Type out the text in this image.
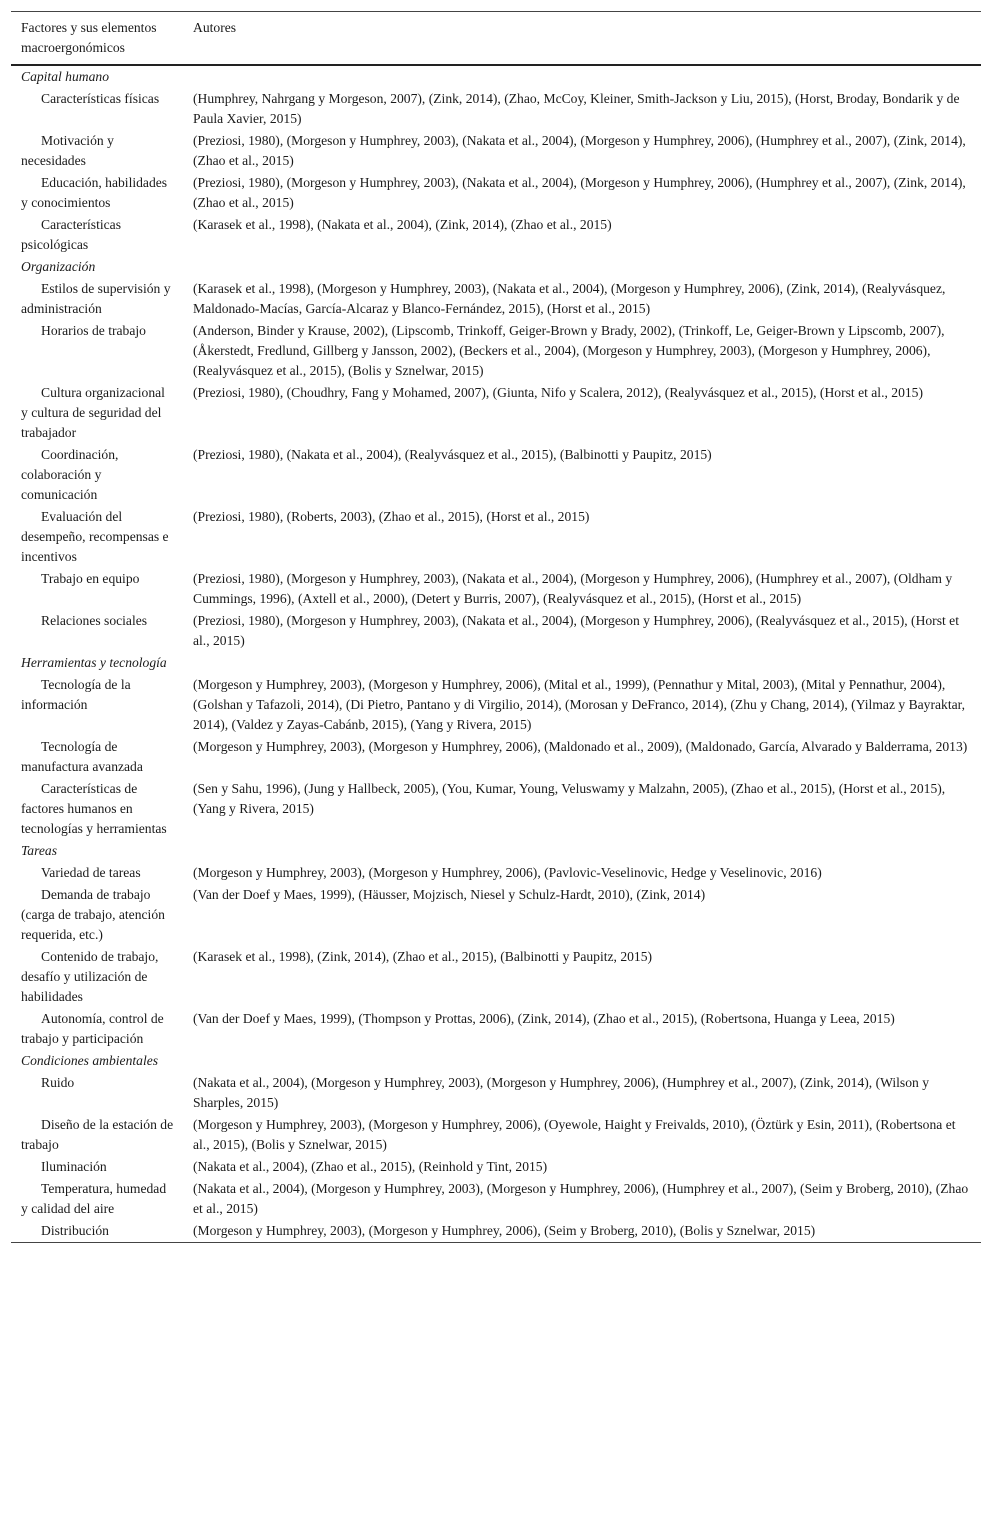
Factores y sus elementos macroergonómicos	Autores
Capital humano	
Características físicas	(Humphrey, Nahrgang y Morgeson, 2007), (Zink, 2014), (Zhao, McCoy, Kleiner, Smith-Jackson y Liu, 2015), (Horst, Broday, Bondarik y de Paula Xavier, 2015)
Motivación y necesidades	(Preziosi, 1980), (Morgeson y Humphrey, 2003), (Nakata et al., 2004), (Morgeson y Humphrey, 2006), (Humphrey et al., 2007), (Zink, 2014), (Zhao et al., 2015)
Educación, habilidades y conocimientos	(Preziosi, 1980), (Morgeson y Humphrey, 2003), (Nakata et al., 2004), (Morgeson y Humphrey, 2006), (Humphrey et al., 2007), (Zink, 2014), (Zhao et al., 2015)
Características psicológicas	(Karasek et al., 1998), (Nakata et al., 2004), (Zink, 2014), (Zhao et al., 2015)
Organización	
Estilos de supervisión y administración	(Karasek et al., 1998), (Morgeson y Humphrey, 2003), (Nakata et al., 2004), (Morgeson y Humphrey, 2006), (Zink, 2014), (Realyvásquez, Maldonado-Macías, García-Alcaraz y Blanco-Fernández, 2015), (Horst et al., 2015)
Horarios de trabajo	(Anderson, Binder y Krause, 2002), (Lipscomb, Trinkoff, Geiger-Brown y Brady, 2002), (Trinkoff, Le, Geiger-Brown y Lipscomb, 2007), (Åkerstedt, Fredlund, Gillberg y Jansson, 2002), (Beckers et al., 2004), (Morgeson y Humphrey, 2003), (Morgeson y Humphrey, 2006), (Realyvásquez et al., 2015), (Bolis y Sznelwar, 2015)
Cultura organizacional y cultura de seguridad del trabajador	(Preziosi, 1980), (Choudhry, Fang y Mohamed, 2007), (Giunta, Nifo y Scalera, 2012), (Realyvásquez et al., 2015), (Horst et al., 2015)
Coordinación, colaboración y comunicación	(Preziosi, 1980), (Nakata et al., 2004), (Realyvásquez et al., 2015), (Balbinotti y Paupitz, 2015)
Evaluación del desempeño, recompensas e incentivos	(Preziosi, 1980), (Roberts, 2003), (Zhao et al., 2015), (Horst et al., 2015)
Trabajo en equipo	(Preziosi, 1980), (Morgeson y Humphrey, 2003), (Nakata et al., 2004), (Morgeson y Humphrey, 2006), (Humphrey et al., 2007), (Oldham y Cummings, 1996), (Axtell et al., 2000), (Detert y Burris, 2007), (Realyvásquez et al., 2015), (Horst et al., 2015)
Relaciones sociales	(Preziosi, 1980), (Morgeson y Humphrey, 2003), (Nakata et al., 2004), (Morgeson y Humphrey, 2006), (Realyvásquez et al., 2015), (Horst et al., 2015)
Herramientas y tecnología	
Tecnología de la información	(Morgeson y Humphrey, 2003), (Morgeson y Humphrey, 2006), (Mital et al., 1999), (Pennathur y Mital, 2003), (Mital y Pennathur, 2004), (Golshan y Tafazoli, 2014), (Di Pietro, Pantano y di Virgilio, 2014), (Morosan y DeFranco, 2014), (Zhu y Chang, 2014), (Yilmaz y Bayraktar, 2014), (Valdez y Zayas-Cabánb, 2015), (Yang y Rivera, 2015)
Tecnología de manufactura avanzada	(Morgeson y Humphrey, 2003), (Morgeson y Humphrey, 2006), (Maldonado et al., 2009), (Maldonado, García, Alvarado y Balderrama, 2013)
Características de factores humanos en tecnologías y herramientas	(Sen y Sahu, 1996), (Jung y Hallbeck, 2005), (You, Kumar, Young, Veluswamy y Malzahn, 2005), (Zhao et al., 2015), (Horst et al., 2015), (Yang y Rivera, 2015)
Tareas	
Variedad de tareas	(Morgeson y Humphrey, 2003), (Morgeson y Humphrey, 2006), (Pavlovic-Veselinovic, Hedge y Veselinovic, 2016)
Demanda de trabajo (carga de trabajo, atención requerida, etc.)	(Van der Doef y Maes, 1999), (Häusser, Mojzisch, Niesel y Schulz-Hardt, 2010), (Zink, 2014)
Contenido de trabajo, desafío y utilización de habilidades	(Karasek et al., 1998), (Zink, 2014), (Zhao et al., 2015), (Balbinotti y Paupitz, 2015)
Autonomía, control de trabajo y participación	(Van der Doef y Maes, 1999), (Thompson y Prottas, 2006), (Zink, 2014), (Zhao et al., 2015), (Robertsona, Huanga y Leea, 2015)
Condiciones ambientales	
Ruido	(Nakata et al., 2004), (Morgeson y Humphrey, 2003), (Morgeson y Humphrey, 2006), (Humphrey et al., 2007), (Zink, 2014), (Wilson y Sharples, 2015)
Diseño de la estación de trabajo	(Morgeson y Humphrey, 2003), (Morgeson y Humphrey, 2006), (Oyewole, Haight y Freivalds, 2010), (Öztürk y Esin, 2011), (Robertsona et al., 2015), (Bolis y Sznelwar, 2015)
Iluminación	(Nakata et al., 2004), (Zhao et al., 2015), (Reinhold y Tint, 2015)
Temperatura, humedad y calidad del aire	(Nakata et al., 2004), (Morgeson y Humphrey, 2003), (Morgeson y Humphrey, 2006), (Humphrey et al., 2007), (Seim y Broberg, 2010), (Zhao et al., 2015)
Distribución	(Morgeson y Humphrey, 2003), (Morgeson y Humphrey, 2006), (Seim y Broberg, 2010), (Bolis y Sznelwar, 2015)
